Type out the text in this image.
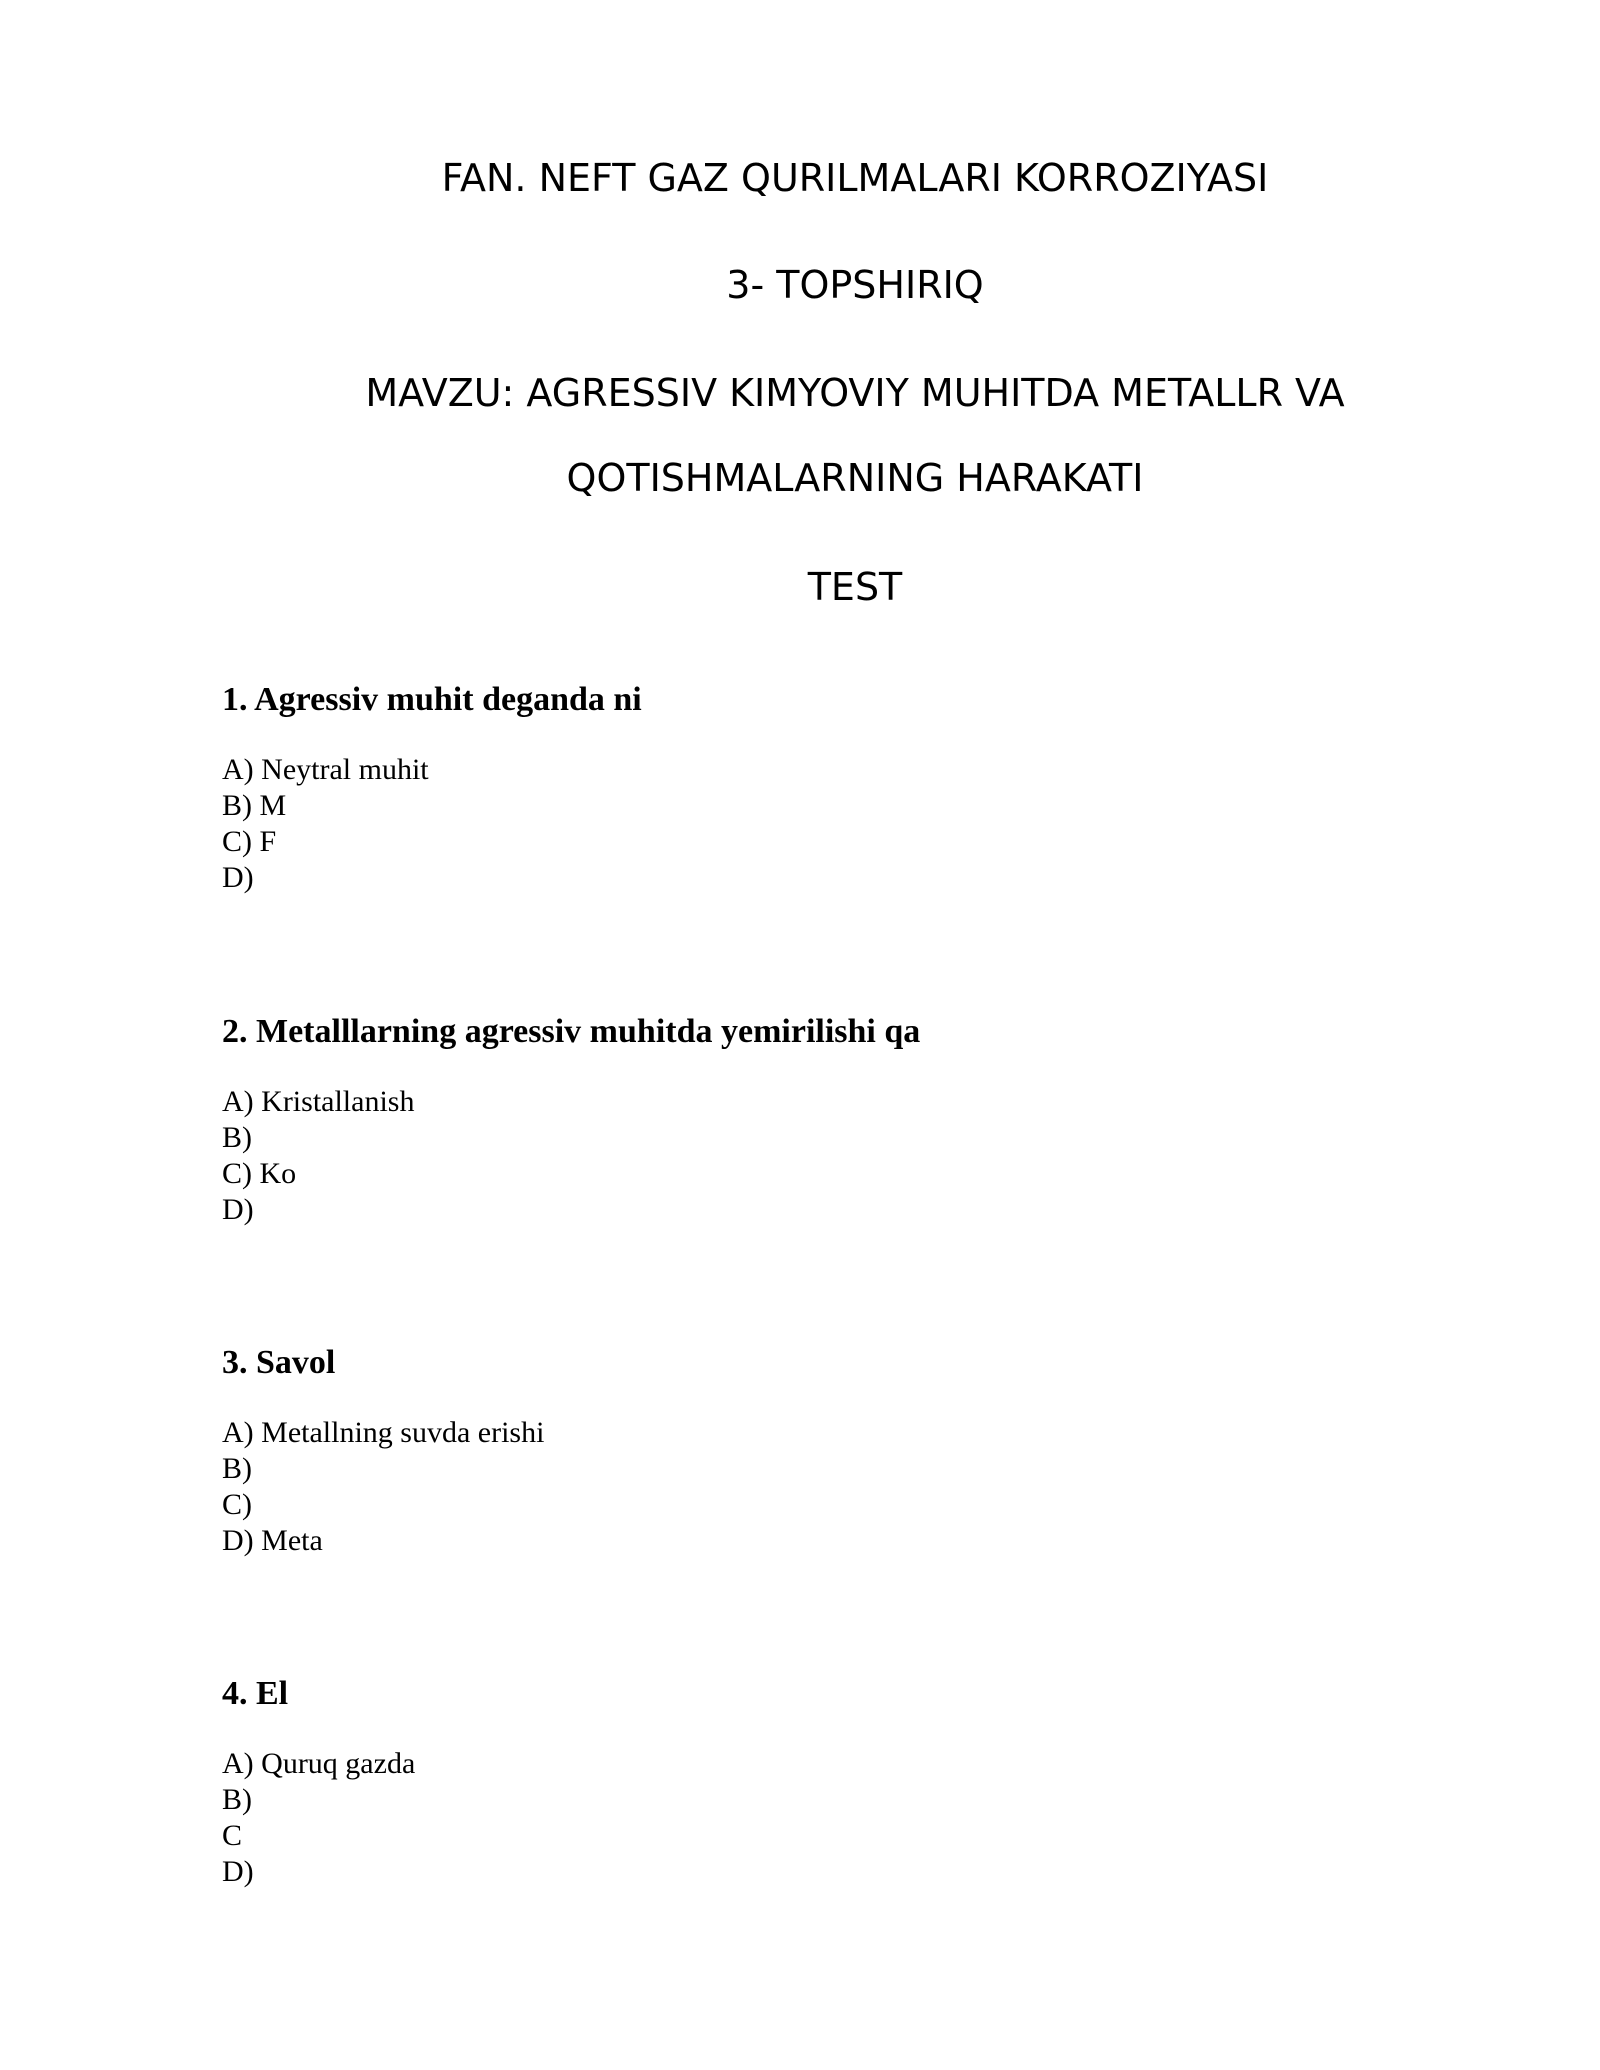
FAN. NEFT GAZ QURILMALARI KORROZIYASI
3- TOPSHIRIQ
MAVZU: AGRESSIV KIMYOVIY MUHITDA METALLR VA
QOTISHMALARNING HARAKATI
TEST
1. Agressiv muhit deganda ni
A) Neytral muhit
B) M
C) F
D)
2. Metalllarning agressiv muhitda yemirilishi qa
A) Kristallanish
B)
C) Ko
D)
3. Savol
A) Metallning suvda erishi
B)
C)
D) Meta
4. El
A) Quruq gazda
B)
C
D)
